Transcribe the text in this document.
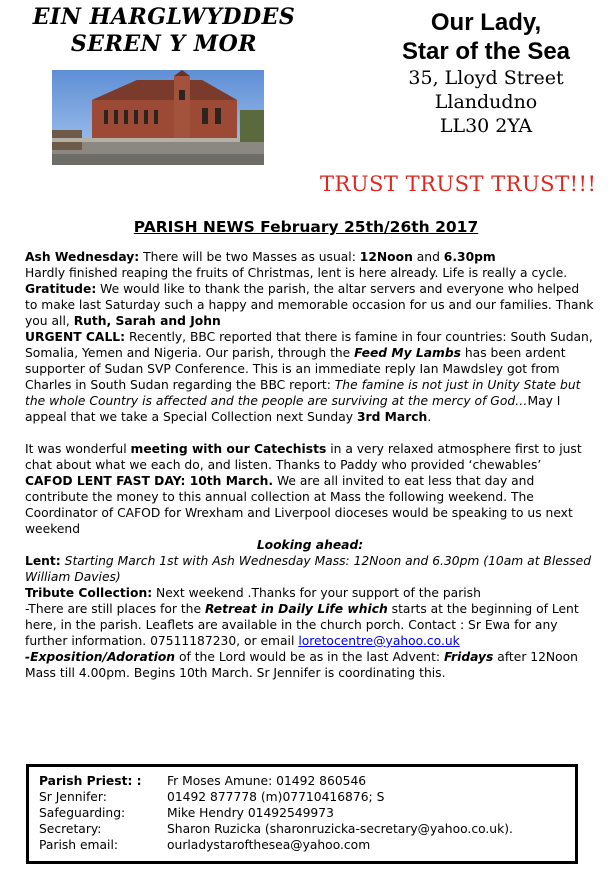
EIN HARGLWYDDES
SEREN Y MOR
Our Lady,
Star of the Sea
35, Lloyd Street
Llandudno
LL30 2YA
TRUST TRUST TRUST!!!
PARISH NEWS February 25th/26th 2017

Ash Wednesday: There will be two Masses as usual: 12Noon and 6.30pm

Hardly finished reaping the fruits of Christmas, lent is here already. Life is really a cycle.

Gratitude: We would like to thank the parish, the altar servers and everyone who helped to make last Saturday such a happy and memorable occasion for us and our families. Thank you all, Ruth, Sarah and John

URGENT CALL: Recently, BBC reported that there is famine in four countries: South Sudan, Somalia, Yemen and Nigeria. Our parish, through the Feed My Lambs has been ardent supporter of Sudan SVP Conference. This is an immediate reply Ian Mawdsley got from Charles in South Sudan regarding the BBC report: The famine is not just in Unity State but the whole Country is affected and the people are surviving at the mercy of God…May I appeal that we take a Special Collection next Sunday 3rd March.

It was wonderful meeting with our Catechists in a very relaxed atmosphere first to just chat about what we each do, and listen. Thanks to Paddy who provided ‘chewables’

CAFOD LENT FAST DAY: 10th March. We are all invited to eat less that day and contribute the money to this annual collection at Mass the following weekend. The Coordinator of CAFOD for Wrexham and Liverpool dioceses would be speaking to us next weekend

Looking ahead:

Lent: Starting March 1st with Ash Wednesday Mass: 12Noon and 6.30pm (10am at Blessed William Davies)

Tribute Collection: Next weekend .Thanks for your support of the parish

-There are still places for the Retreat in Daily Life which starts at the beginning of Lent here, in the parish. Leaflets are available in the church porch. Contact : Sr Ewa for any further information. 07511187230, or email loretocentre@yahoo.co.uk

-Exposition/Adoration of the Lord would be as in the last Advent: Fridays after 12Noon Mass till 4.00pm. Begins 10th March. Sr Jennifer is coordinating this.

Parish Priest: :	Fr Moses Amune: 01492 860546
Sr Jennifer:	01492 877778 (m)07710416876; S
Safeguarding:	Mike Hendry 01492549973
Secretary:	Sharon Ruzicka (sharonruzicka-secretary@yahoo.co.uk).
Parish email:	ourladystarofthesea@yahoo.com
